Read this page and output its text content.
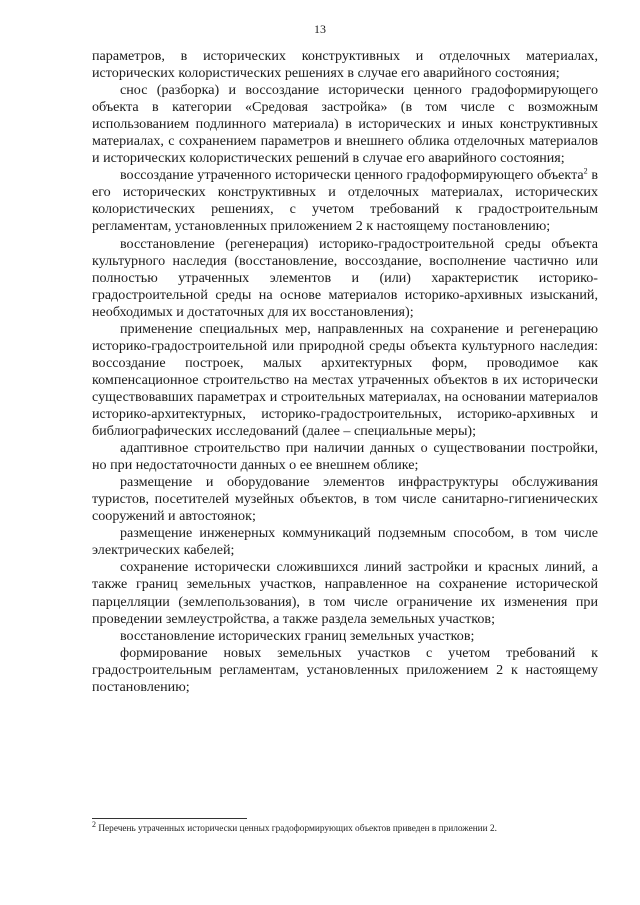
13

параметров, в исторических конструктивных и отделочных материалах, исторических колористических решениях в случае его аварийного состояния;

снос (разборка) и воссоздание исторически ценного градоформирующего объекта в категории «Средовая застройка» (в том числе с возможным использованием подлинного материала) в исторических и иных конструктивных материалах, с сохранением параметров и внешнего облика отделочных материалов и исторических колористических решений в случае его аварийного состояния;

воссоздание утраченного исторически ценного градоформирующего объекта$^2$ в его исторических конструктивных и отделочных материалах, исторических колористических решениях, с учетом требований к градостроительным регламентам, установленных приложением 2 к настоящему постановлению;

восстановление (регенерация) историко-градостроительной среды объекта культурного наследия (восстановление, воссоздание, восполнение частично или полностью утраченных элементов и (или) характеристик историко-градостроительной среды на основе материалов историко-архивных изысканий, необходимых и достаточных для их восстановления);

применение специальных мер, направленных на сохранение и регенерацию историко-градостроительной или природной среды объекта культурного наследия: воссоздание построек, малых архитектурных форм, проводимое как компенсационное строительство на местах утраченных объектов в их исторически существовавших параметрах и строительных материалах, на основании материалов историко-архитектурных, историко-градостроительных, историко-архивных и библиографических исследований (далее – специальные меры);

адаптивное строительство при наличии данных о существовании постройки, но при недостаточности данных о ее внешнем облике;

размещение и оборудование элементов инфраструктуры обслуживания туристов, посетителей музейных объектов, в том числе санитарно-гигиенических сооружений и автостоянок;

размещение инженерных коммуникаций подземным способом, в том числе электрических кабелей;

сохранение исторически сложившихся линий застройки и красных линий, а также границ земельных участков, направленное на сохранение исторической парцелляции (землепользования), в том числе ограничение их изменения при проведении землеустройства, а также раздела земельных участков;

восстановление исторических границ земельных участков;

формирование новых земельных участков с учетом требований к градостроительным регламентам, установленных приложением 2 к настоящему постановлению;

$^2$ Перечень утраченных исторически ценных градоформирующих объектов приведен в приложении 2.
